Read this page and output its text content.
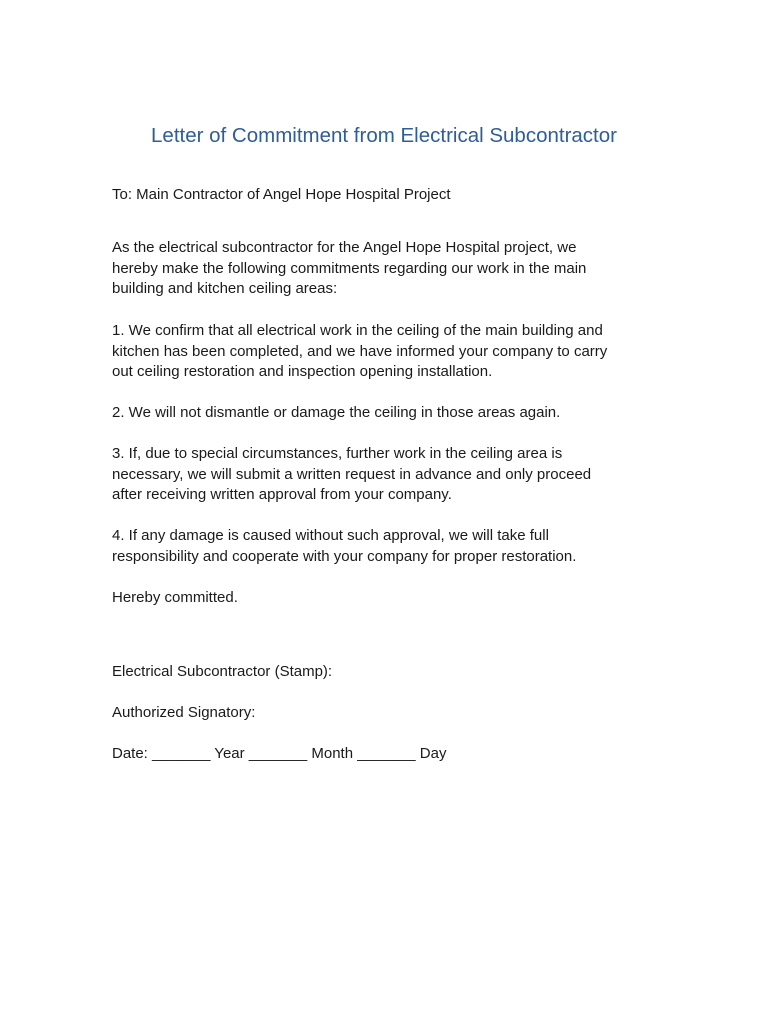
Letter of Commitment from Electrical Subcontractor
To: Main Contractor of Angel Hope Hospital Project
As the electrical subcontractor for the Angel Hope Hospital project, we
hereby make the following commitments regarding our work in the main
building and kitchen ceiling areas:
1. We confirm that all electrical work in the ceiling of the main building and
kitchen has been completed, and we have informed your company to carry
out ceiling restoration and inspection opening installation.
2. We will not dismantle or damage the ceiling in those areas again.
3. If, due to special circumstances, further work in the ceiling area is
necessary, we will submit a written request in advance and only proceed
after receiving written approval from your company.
4. If any damage is caused without such approval, we will take full
responsibility and cooperate with your company for proper restoration.
Hereby committed.

Electrical Subcontractor (Stamp):

Authorized Signatory:

Date: _______ Year _______ Month _______ Day
